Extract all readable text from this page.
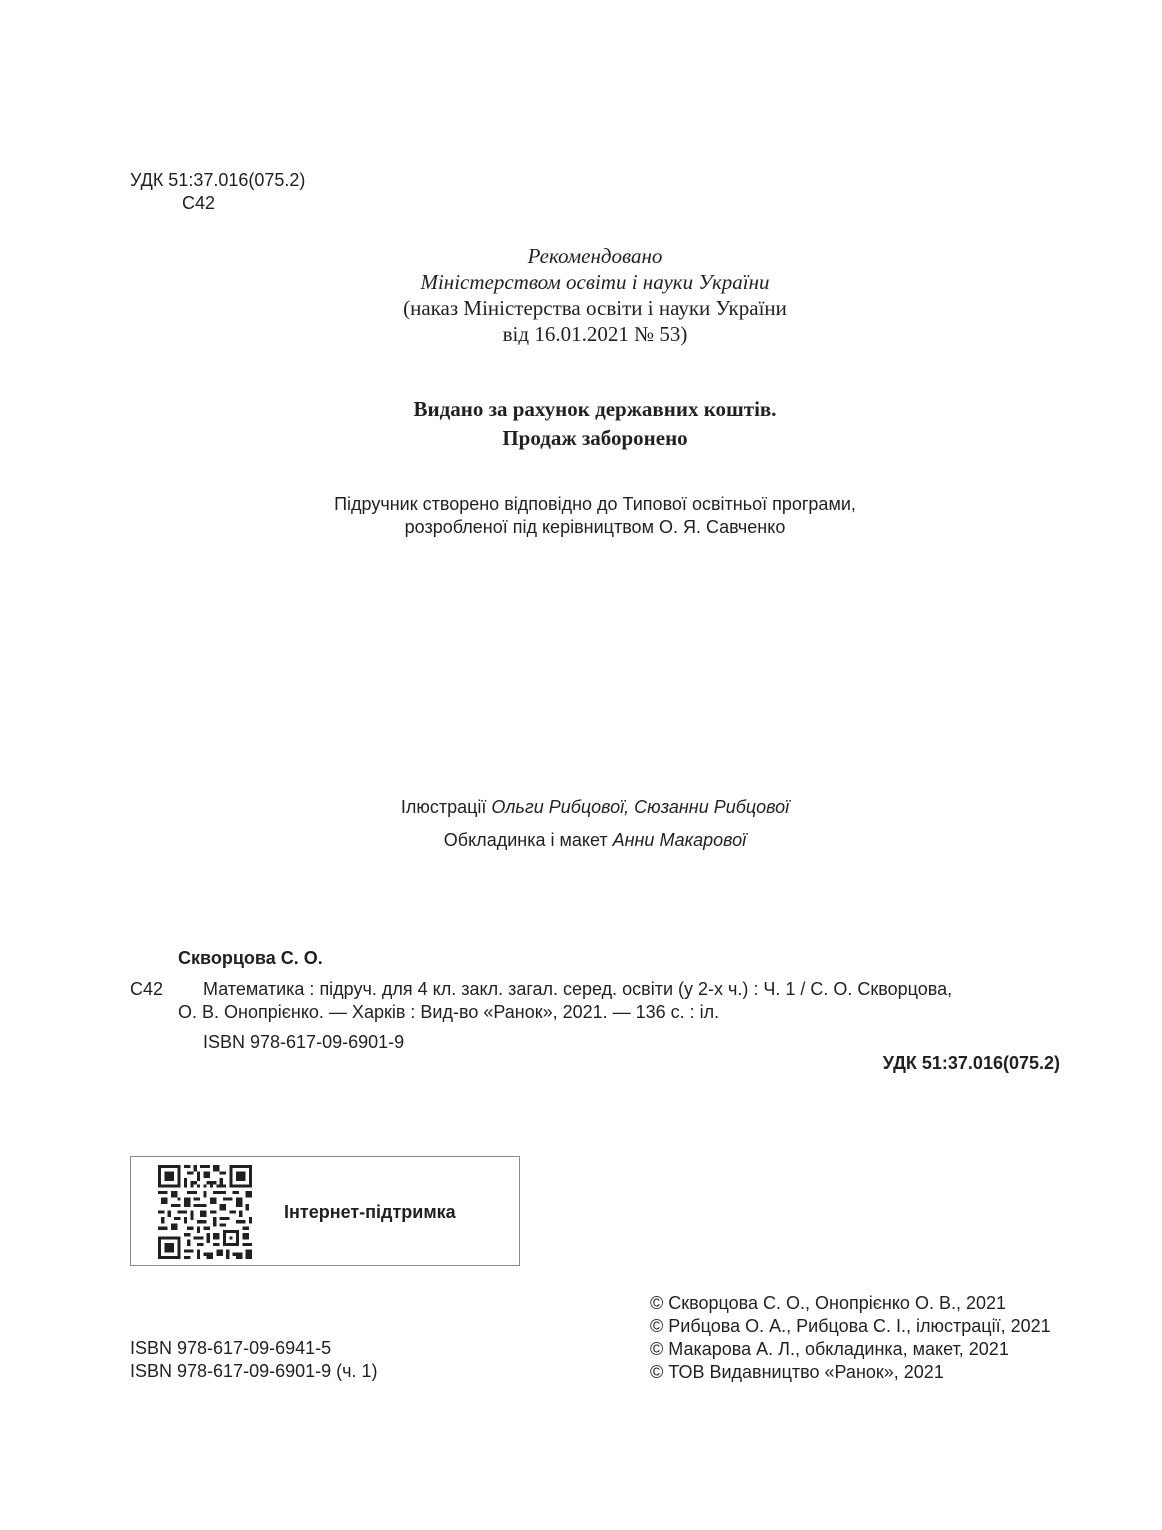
УДК 51:37.016(075.2)
С42
Рекомендовано
Міністерством освіти і науки України
(наказ Міністерства освіти і науки України
від 16.01.2021 № 53)
Видано за рахунок державних коштів.
Продаж заборонено
Підручник створено відповідно до Типової освітньої програми,
розробленої під керівництвом О. Я. Савченко
Ілюстрації Ольги Рибцової, Сюзанни Рибцової
Обкладинка і макет Анни Макарової
Скворцова С. О.
С42	Математика : підруч. для 4 кл. закл. загал. серед. освіти (у 2-х ч.) : Ч. 1 / С. О. Скворцова,
О. В. Онопрієнко. — Харків : Вид-во «Ранок», 2021. — 136 с. : іл.
ISBN 978-617-09-6901-9
УДК 51:37.016(075.2)
Інтернет-підтримка
ISBN 978-617-09-6941-5
ISBN 978-617-09-6901-9 (ч. 1)
© Скворцова С. О., Онопрієнко О. В., 2021
© Рибцова О. А., Рибцова С. І., ілюстрації, 2021
© Макарова А. Л., обкладинка, макет, 2021
© ТОВ Видавництво «Ранок», 2021
